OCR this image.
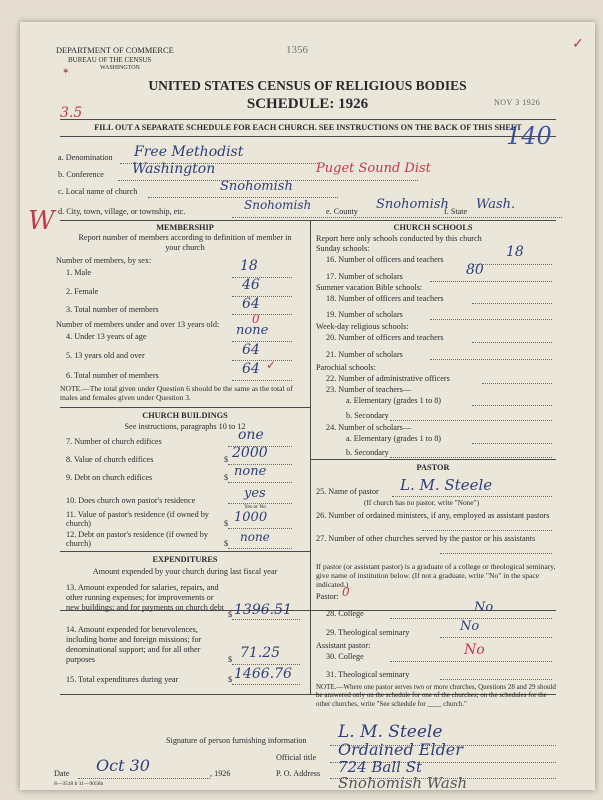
DEPARTMENT OF COMMERCE
BUREAU OF THE CENSUS
WASHINGTON
1356
3.5
✓
✶
UNITED STATES CENSUS OF RELIGIOUS BODIES
SCHEDULE: 1926	NOV 3 1926
FILL OUT A SEPARATE SCHEDULE FOR EACH CHURCH. SEE INSTRUCTIONS ON THE BACK OF THIS SHEET
140
W
a. Denomination Free Methodist
b. Conference Washington	Puget Sound Dist
c. Local name of church	Snohomish
d. City, town, village, or township, etc.	Snohomish e. County Snohomish
f. State Wash.
MEMBERSHIP
Report number of members according to definition of member in your church
Number of members, by sex:
1. Male	18
2. Female	46
3. Total number of members	64
Number of members under and over 13 years old:	0
4. Under 13 years of age	none
5. 13 years old and over	64
6. Total number of members	64 ✓
NOTE.—The total given under Question 6 should be the same as the total of males and females given under Question 3.
CHURCH BUILDINGS
See instructions, paragraphs 10 to 12
7. Number of church edifices	one
8. Value of church edifices	$ 2000
9. Debt on church edifices	$ none
10. Does church own pastor's residence	yes
Yes or No
11. Value of pastor's residence (if owned by church)	$ 1000
12. Debt on pastor's residence (if owned by church)	$ none
EXPENDITURES
Amount expended by your church during last fiscal year
13. Amount expended for salaries, repairs, and other running expenses; for improvements or new buildings; and for payments on church debt
$ 1396.51
14. Amount expended for benevolences, including home and foreign missions; for denominational support; and for all other purposes	$ 71.25
15. Total expenditures during year	$ 1466.76
CHURCH SCHOOLS
Report here only schools conducted by this church
Sunday schools:
16. Number of officers and teachers	18
17. Number of scholars	80
Summer vacation Bible schools:
18. Number of officers and teachers
19. Number of scholars
Week-day religious schools:
20. Number of officers and teachers
21. Number of scholars
Parochial schools:
22. Number of administrative officers
23. Number of teachers—
a. Elementary (grades 1 to 8)
b. Secondary
24. Number of scholars—
a. Elementary (grades 1 to 8)
b. Secondary
PASTOR
25. Name of pastor L. M. Steele
(If church has no pastor, write "None")
26. Number of ordained ministers, if any, employed as assistant pastors
27. Number of other churches served by the pastor or his assistants
If pastor (or assistant pastor) is a graduate of a college or theological seminary, give name of institution below. (If not a graduate, write "No" in the space indicated.)
Pastor: 0
28. College	No
29. Theological seminary	No
Assistant pastor:
30. College	No
31. Theological seminary
NOTE.—Where one pastor serves two or more churches, Questions 28 and 29 should be answered only on the schedule for one of the churches; on the schedules for the other churches, write "See schedule for ____ church."
Signature of person furnishing information L. M. Steele
Official title Ordained Elder
Date Oct 30	, 1926	P. O. Address 724 Ball St
Snohomish Wash
8—3518 b 11—9058h
